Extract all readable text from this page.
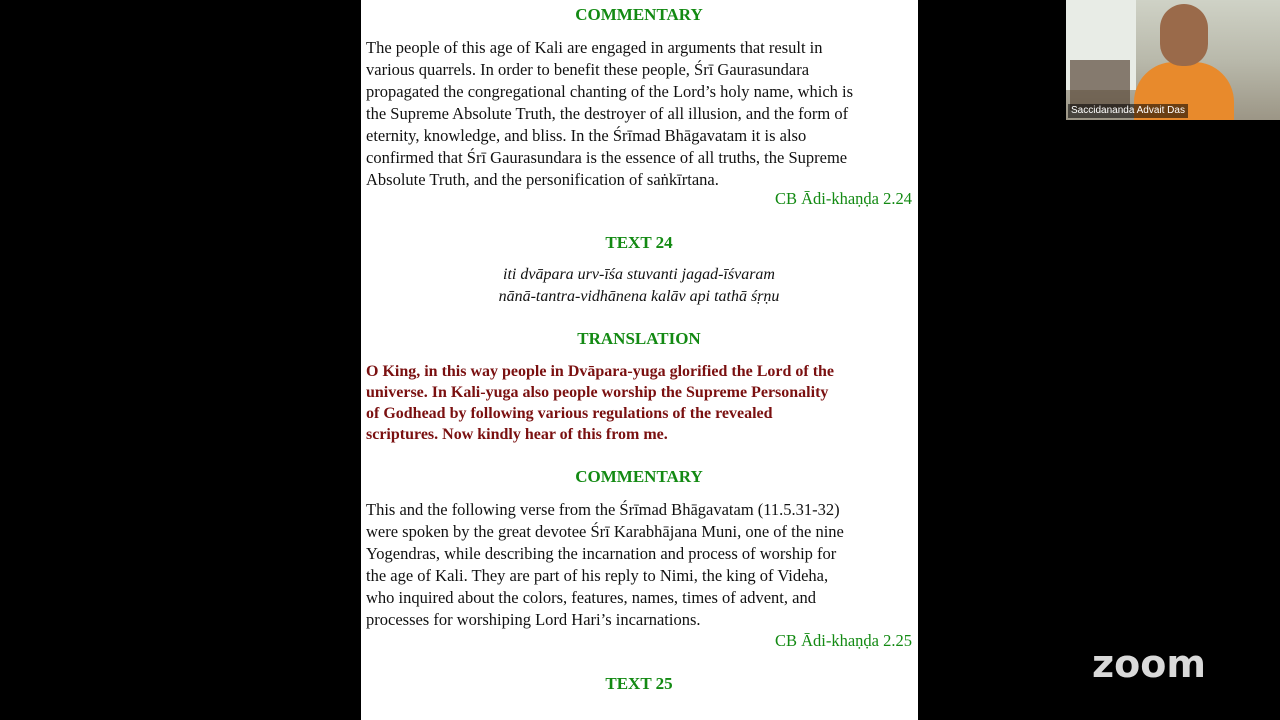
COMMENTARY
The people of this age of Kali are engaged in arguments that result in
various quarrels. In order to benefit these people, Śrī Gaurasundara
propagated the congregational chanting of the Lord’s holy name, which is
the Supreme Absolute Truth, the destroyer of all illusion, and the form of
eternity, knowledge, and bliss. In the Śrīmad Bhāgavatam it is also
confirmed that Śrī Gaurasundara is the essence of all truths, the Supreme
Absolute Truth, and the personification of saṅkīrtana.
CB Ādi-khaṇḍa 2.24
TEXT 24
iti dvāpara urv-īśa stuvanti jagad-īśvaram
nānā-tantra-vidhānena kalāv api tathā śṛṇu
TRANSLATION
O King, in this way people in Dvāpara-yuga glorified the Lord of the
universe. In Kali-yuga also people worship the Supreme Personality
of Godhead by following various regulations of the revealed
scriptures. Now kindly hear of this from me.
COMMENTARY
This and the following verse from the Śrīmad Bhāgavatam (11.5.31-32)
were spoken by the great devotee Śrī Karabhājana Muni, one of the nine
Yogendras, while describing the incarnation and process of worship for
the age of Kali. They are part of his reply to Nimi, the king of Videha,
who inquired about the colors, features, names, times of advent, and
processes for worshiping Lord Hari’s incarnations.
CB Ādi-khaṇḍa 2.25
TEXT 25
Saccidananda Advait Das
zoom
